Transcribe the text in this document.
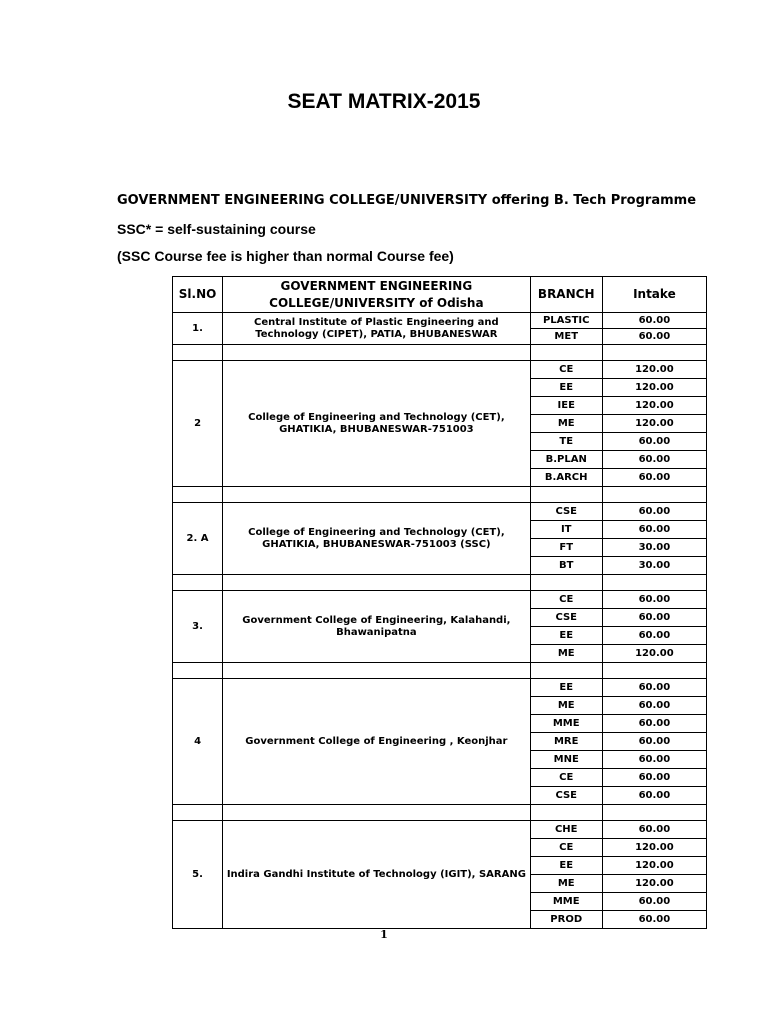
SEAT MATRIX-2015
GOVERNMENT ENGINEERING COLLEGE/UNIVERSITY offering B. Tech Programme
SSC* = self-sustaining course
(SSC Course fee is higher than normal Course fee)
Sl.NO	GOVERNMENT ENGINEERING COLLEGE/UNIVERSITY of Odisha	BRANCH	Intake
1.	Central Institute of Plastic Engineering and Technology (CIPET), PATIA, BHUBANESWAR	PLASTIC	60.00
		MET	60.00

2	College of Engineering and Technology (CET), GHATIKIA, BHUBANESWAR-751003	CE	120.00
		EE	120.00
		IEE	120.00
		ME	120.00
		TE	60.00
		B.PLAN	60.00
		B.ARCH	60.00

2. A	College of Engineering and Technology (CET), GHATIKIA, BHUBANESWAR-751003 (SSC)	CSE	60.00
		IT	60.00
		FT	30.00
		BT	30.00

3.	Government College of Engineering, Kalahandi, Bhawanipatna	CE	60.00
		CSE	60.00
		EE	60.00
		ME	120.00

4	Government College of Engineering , Keonjhar	EE	60.00
		ME	60.00
		MME	60.00
		MRE	60.00
		MNE	60.00
		CE	60.00
		CSE	60.00

5.	Indira Gandhi Institute of Technology (IGIT), SARANG	CHE	60.00
		CE	120.00
		EE	120.00
		ME	120.00
		MME	60.00
		PROD	60.00
1
